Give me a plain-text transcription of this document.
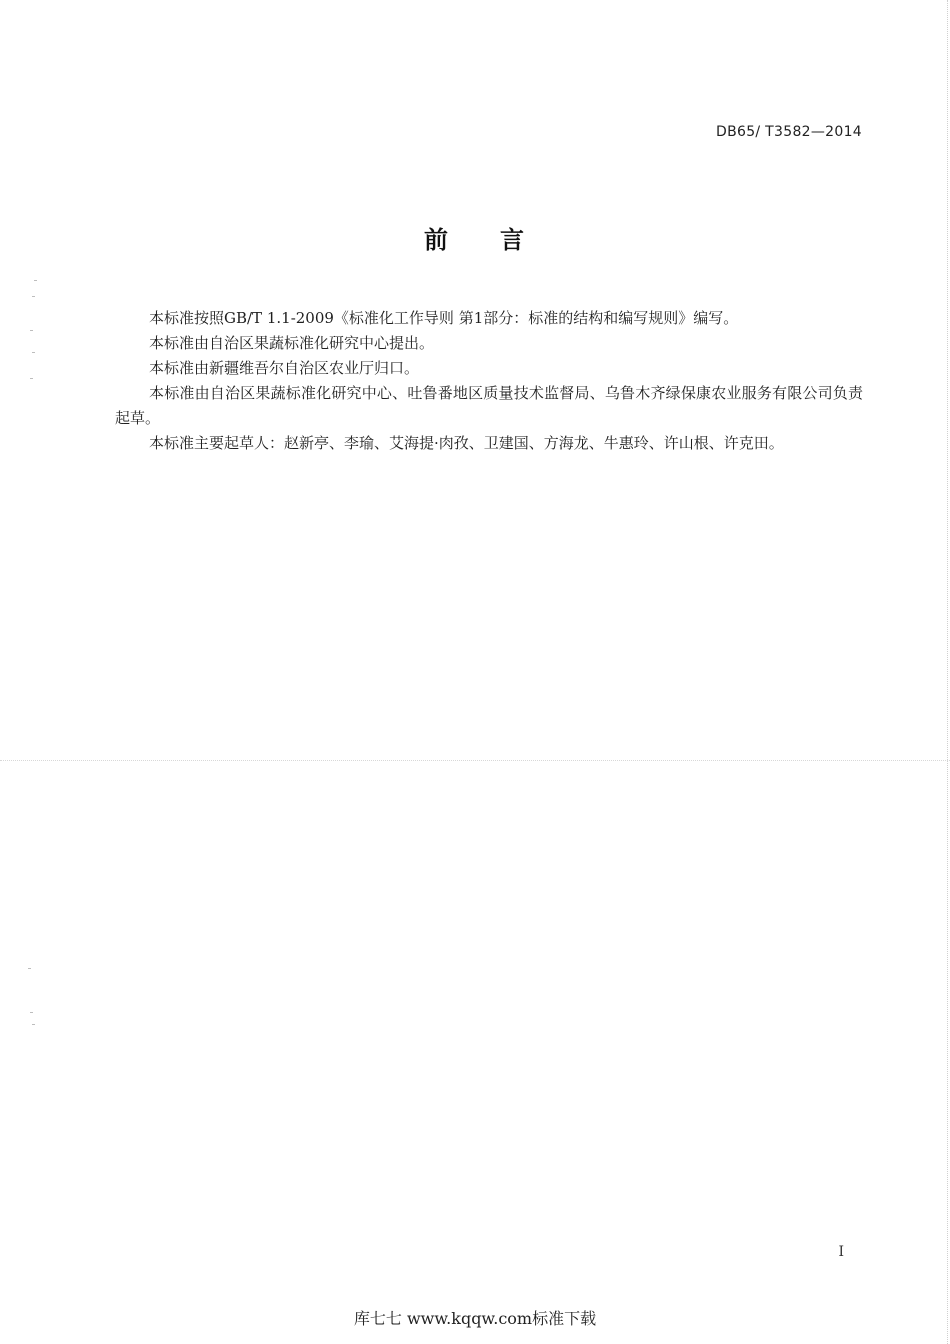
DB65/ T3582—2014
前 言

本标准按照GB/T 1.1-2009《标准化工作导则 第1部分：标准的结构和编写规则》编写。

本标准由自治区果蔬标准化研究中心提出。

本标准由新疆维吾尔自治区农业厅归口。

本标准由自治区果蔬标准化研究中心、吐鲁番地区质量技术监督局、乌鲁木齐绿保康农业服务有限公司负责起草。

本标准主要起草人：赵新亭、李瑜、艾海提·肉孜、卫建国、方海龙、牛惠玲、许山根、许克田。

I
库七七 www.kqqw.com标准下载
